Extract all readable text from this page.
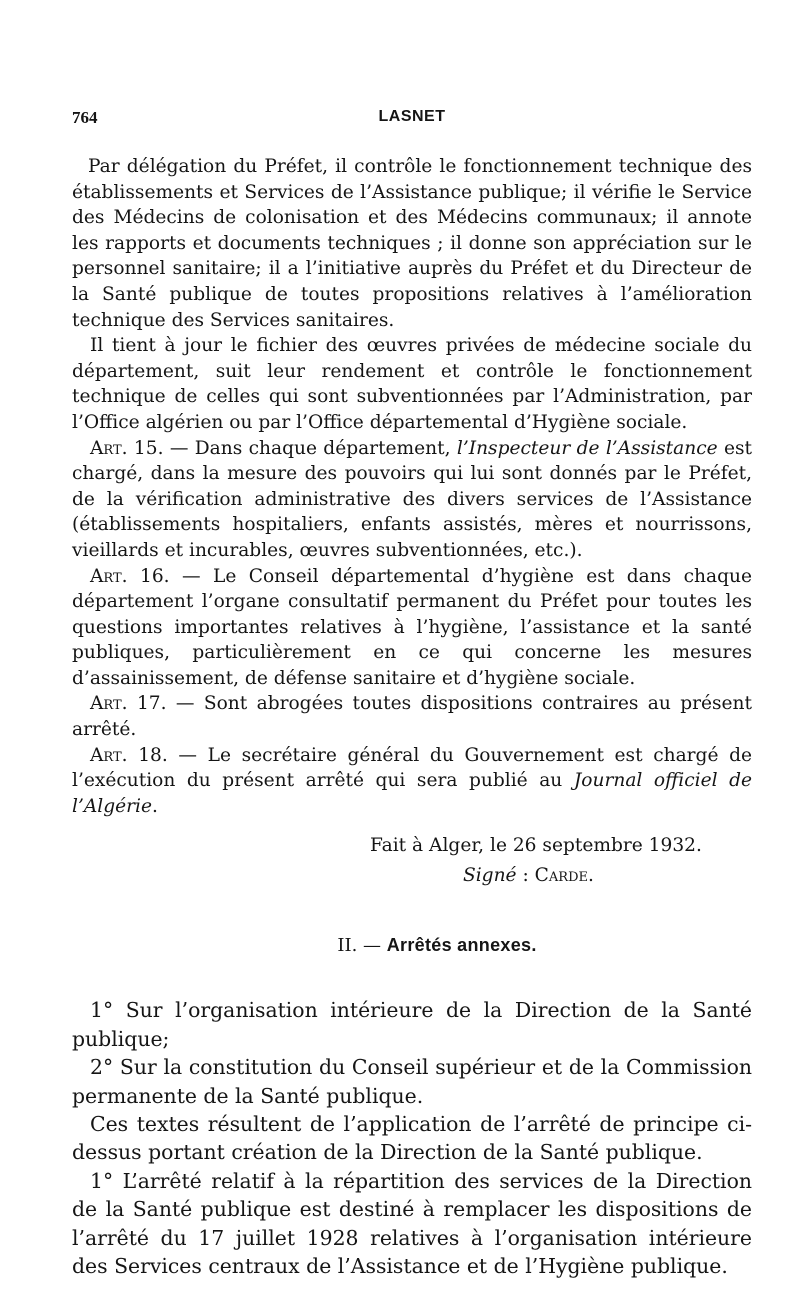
764	LASNET

Par délégation du Préfet, il contrôle le fonctionnement technique des établissements et Services de l’Assistance publique; il vérifie le Service des Médecins de colonisation et des Médecins communaux; il annote les rapports et documents techniques ; il donne son appréciation sur le personnel sanitaire; il a l’initiative auprès du Préfet et du Directeur de la Santé publique de toutes propositions relatives à l’amélioration technique des Services sanitaires.

Il tient à jour le fichier des œuvres privées de médecine sociale du département, suit leur rendement et contrôle le fonctionnement technique de celles qui sont subventionnées par l’Administration, par l’Office algérien ou par l’Office départemental d’Hygiène sociale.

Art. 15. — Dans chaque département, l’Inspecteur de l’Assistance est chargé, dans la mesure des pouvoirs qui lui sont donnés par le Préfet, de la vérification administrative des divers services de l’Assistance (établissements hospitaliers, enfants assistés, mères et nourrissons, vieillards et incurables, œuvres subventionnées, etc.).

Art. 16. — Le Conseil départemental d’hygiène est dans chaque département l’organe consultatif permanent du Préfet pour toutes les questions importantes relatives à l’hygiène, l’assistance et la santé publiques, particulièrement en ce qui concerne les mesures d’assainissement, de défense sanitaire et d’hygiène sociale.

Art. 17. — Sont abrogées toutes dispositions contraires au présent arrêté.

Art. 18. — Le secrétaire général du Gouvernement est chargé de l’exécution du présent arrêté qui sera publié au Journal officiel de l’Algérie.

Fait à Alger, le 26 septembre 1932.
Signé : Carde.
II. — Arrêtés annexes.

1° Sur l’organisation intérieure de la Direction de la Santé publique;

2° Sur la constitution du Conseil supérieur et de la Commission permanente de la Santé publique.

Ces textes résultent de l’application de l’arrêté de principe ci-dessus portant création de la Direction de la Santé publique.

1° L’arrêté relatif à la répartition des services de la Direction de la Santé publique est destiné à remplacer les dispositions de l’arrêté du 17 juillet 1928 relatives à l’organisation intérieure des Services centraux de l’Assistance et de l’Hygiène publique.
